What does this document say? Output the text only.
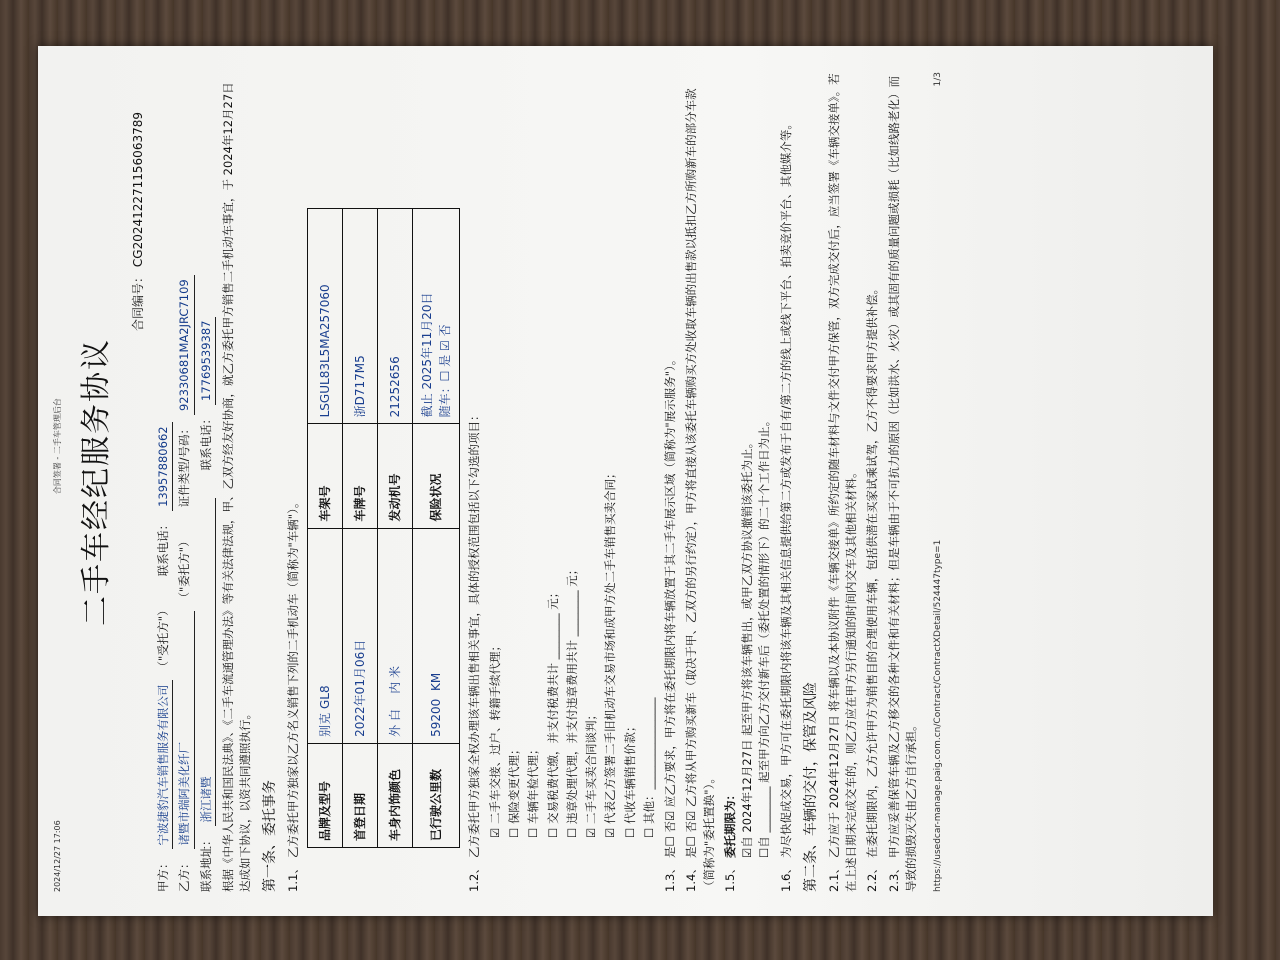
2024/12/27 17:06
合同签署 - 二手车管理后台 二手车经纪服务协议
合同编号： CG20241227115606378​9
甲方：
宁波捷豹汽车销售服务有限公司
（"受托方"）
联系电话：
13957880662
乙方：
诸暨市瑞阿美化纤厂
（"委托方"）
证件类型/号码：
92330681MA2JRC7109
联系地址：
浙江诸暨
联系电话：
17769539387 根据《中华人民共和国民法典》、《二手车流通管理办法》等有关法律法规，甲、乙双方经友好协商，就乙方委托甲方销售二手机动车事宜，于 2024年12月27日 达成如下协议，以资共同遵照执行。 第一条、委托事务 1.1、乙方委托甲方独家以乙方名义销售下列的二手机动车（简称为"车辆"）。 品牌及型号	别克 GL8	车架号	LSGUL83L5MA257060
首登日期	2022年01月06日	车牌号	浙D717M5
车身内饰颜色	外 白    内 米	发动机号	21252656
已行驶公里数	59200  KM	保险状况	截止 2025年11月20日 随车：☐ 是 ☑ 否
1.2、乙方委托甲方独家全权办理该车辆出售相关事宜，具体的授权范围包括以下勾选的项目： ☑ 二手车交接、过户、转籍手续代理；
☐ 保险变更代理；
☐ 车辆年检代理；
☐ 交易税费代缴，并支付税费共计 ________ 元；
☐ 违章处理代理，并支付违章费用共计 ________ 元；
☑ 二手车买卖合同谈判；
☑ 代表乙方签署二手旧机动车交易市场和成甲方处二手车销售买卖合同；
☐ 代收车辆销售价款；
☐ 其他：________________
1.3、是☐ 否☑ 应乙方要求，甲方将在委托期限内将车辆放置于其二手车展示区域（简称为"展示服务"）。
1.4、是☐ 否☑ 乙方将从甲方购买新车（取决于甲、乙双方的另行约定），甲方将直接从该委托车辆购买方处收取车辆的出售款以抵扣乙方所购新车的部分车款（简称为"委托置换"）。 1.5、委托期限为： ☑自 2024年12月27日 起至甲方将该车辆售出，或甲乙双方协议撤销该委托为止。 ☐自 ________ 起至甲方向乙方交付新车后（委托处置的情形下）的二十个工作日为止。
1.6、为尽快促成交易，甲方可在委托期限内将该车辆及其相关信息提供给第二方或发布于自有/第二方的线上或线下平台、拍卖竞价平台、其他媒介等。 第二条、车辆的交付，保管及风险 2.1、乙方应于 2024年12月27日 将车辆以及本协议附件《车辆交接单》所约定的随车材料与文件交付甲方保管，双方完成交付后，应当签署《车辆交接单》。若在上述日期未完成交车的，则乙方应在甲方另行通知的时间内交车及其他相关材料。 2.2、在委托期限内，乙方允许甲方为销售目的合理使用车辆，包括供潜在买家试乘试驾，乙方不得要求甲方提供补偿。
2.3、甲方应妥善保管车辆及乙方移交的各种文件和有关材料；但是车辆由于不可抗力的原因（比如洪水、火灾）或其固有的质量问题或损耗（比如线路老化）而导致的损毁灭失由乙方自行承担。 https://usedcar-manage.paig.com.cn/Contract/ContractXDetail/524447type=1
1/3
